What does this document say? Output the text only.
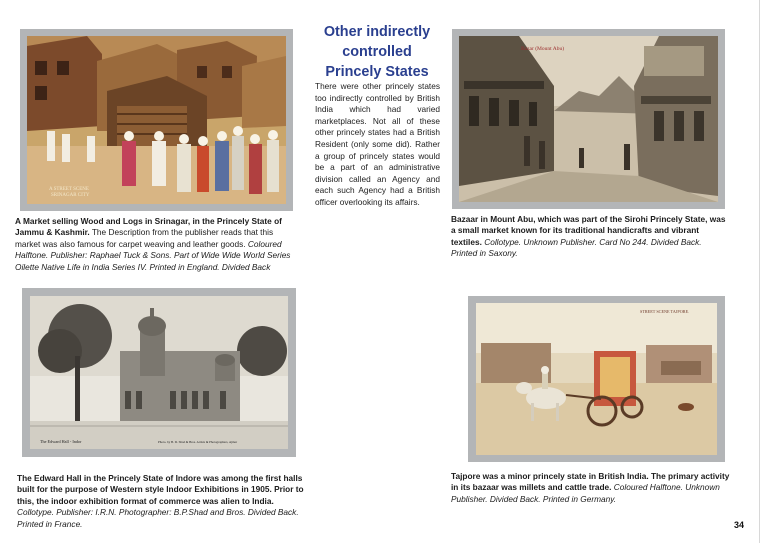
A STREET SCENE
SRINAGAR CITY
A Market selling Wood and Logs in Srinagar, in the Princely State of Jammu & Kashmir. The Description from the publisher reads that this market was also famous for carpet weaving and leather goods. Coloured Halftone. Publisher: Raphael Tuck & Sons. Part of Wide Wide World Series Oilette Native Life in India Series IV. Printed in England. Divided Back
Other indirectly
controlled
Princely States
There were other princely states too indirectly controlled by British India which had varied marketplaces. Not all of these other princely states had a British Resident (only some did). Rather a group of princely states would be a part of an administrative division called an Agency and each such Agency had a British officer overlooking its affairs.
Bazar (Mount Abu)
Bazaar in Mount Abu, which was part of the Sirohi Princely State, was a small market known for its traditional handicrafts and vibrant textiles. Collotype. Unknown Publisher. Card No 244. Divided Back. Printed in Saxony.
The Edward Hall - Indor	Photo. by B. D. Shad & Bros. Artists & Photographers, Ajmer
The Edward Hall in the Princely State of Indore was among the first halls built for the purpose of Western style Indoor Exhibitions in 1905. Prior to this, the indoor exhibition format of commerce was alien to India. Collotype. Publisher: I.R.N. Photographer: B.P.Shad and Bros. Divided Back. Printed in France.
STREET SCENE TAJPORE.
Tajpore was a minor princely state in British India. The primary activity in its bazaar was millets and cattle trade. Coloured Halftone. Unknown Publisher. Divided Back. Printed in Germany.
34
